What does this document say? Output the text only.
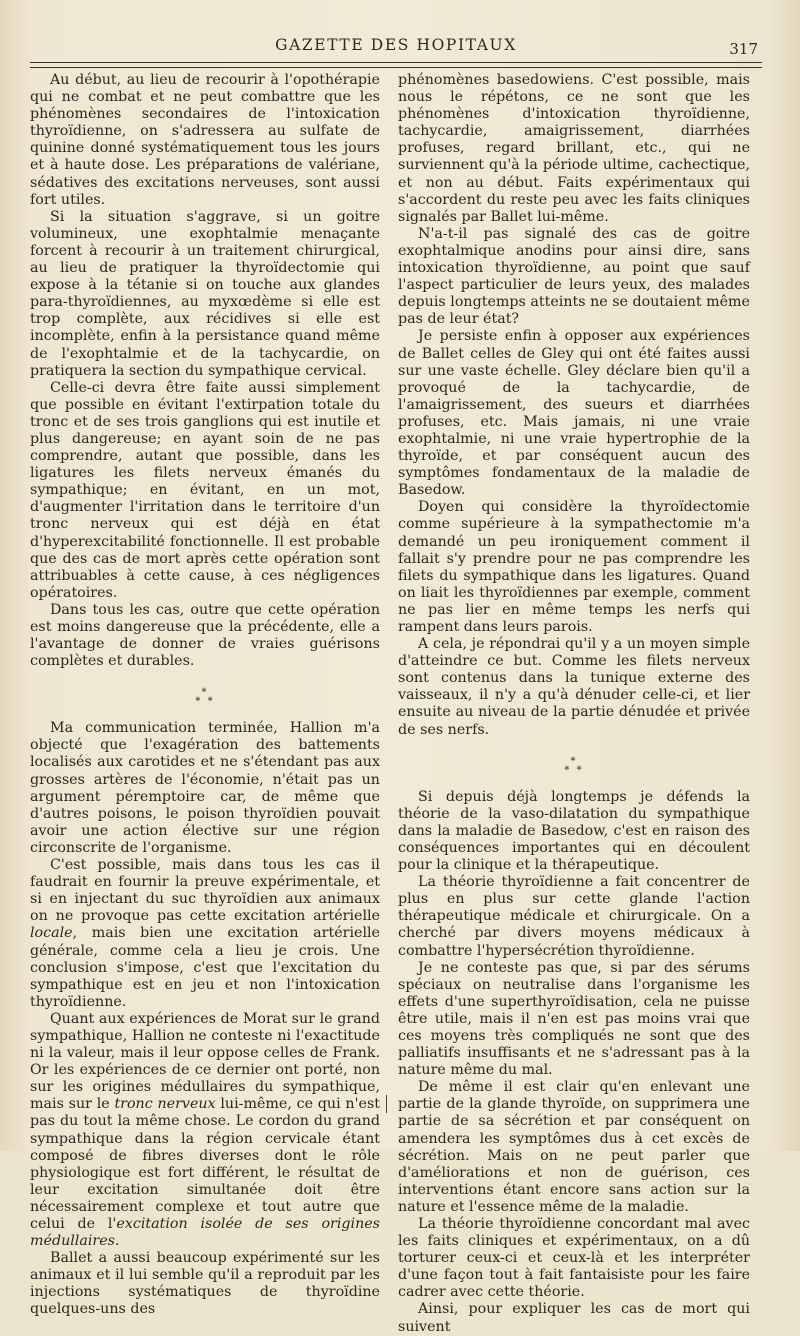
GAZETTE DES HOPITAUX	317

Au début, au lieu de recourir à l'opothérapie qui ne combat et ne peut combattre que les phénomènes secondaires de l'intoxication thyroïdienne, on s'adressera au sulfate de quinine donné systématiquement tous les jours et à haute dose. Les préparations de valériane, sédatives des excitations nerveuses, sont aussi fort utiles.

Si la situation s'aggrave, si un goitre volumineux, une exophtalmie menaçante forcent à recourir à un traitement chirurgical, au lieu de pratiquer la thyroïdectomie qui expose à la tétanie si on touche aux glandes para-thyroïdiennes, au myxœdème si elle est trop complète, aux récidives si elle est incomplète, enfin à la persistance quand même de l'exophtalmie et de la tachycardie, on pratiquera la section du sympathique cervical.

Celle-ci devra être faite aussi simplement que possible en évitant l'extirpation totale du tronc et de ses trois ganglions qui est inutile et plus dangereuse; en ayant soin de ne pas comprendre, autant que possible, dans les ligatures les filets nerveux émanés du sympathique; en évitant, en un mot, d'augmenter l'irritation dans le territoire d'un tronc nerveux qui est déjà en état d'hyperexcitabilité fonctionnelle. Il est probable que des cas de mort après cette opération sont attribuables à cette cause, à ces négligences opératoires.

Dans tous les cas, outre que cette opération est moins dangereuse que la précédente, elle a l'avantage de donner de vraies guérisons complètes et durables.

*
* *

Ma communication terminée, Hallion m'a objecté que l'exagération des battements localisés aux carotides et ne s'étendant pas aux grosses artères de l'économie, n'était pas un argument péremptoire car, de même que d'autres poisons, le poison thyroïdien pouvait avoir une action élective sur une région circonscrite de l'organisme.

C'est possible, mais dans tous les cas il faudrait en fournir la preuve expérimentale, et si en injectant du suc thyroïdien aux animaux on ne provoque pas cette excitation artérielle locale, mais bien une excitation artérielle générale, comme cela a lieu je crois. Une conclusion s'impose, c'est que l'excitation du sympathique est en jeu et non l'intoxication thyroïdienne.

Quant aux expériences de Morat sur le grand sympathique, Hallion ne conteste ni l'exactitude ni la valeur, mais il leur oppose celles de Frank. Or les expériences de ce dernier ont porté, non sur les origines médullaires du sympathique, mais sur le tronc nerveux lui-même, ce qui n'est pas du tout la même chose. Le cordon du grand sympathique dans la région cervicale étant composé de fibres diverses dont le rôle physiologique est fort différent, le résultat de leur excitation simultanée doit être nécessairement complexe et tout autre que celui de l'excitation isolée de ses origines médullaires.

Ballet a aussi beaucoup expérimenté sur les animaux et il lui semble qu'il a reproduit par les injections systématiques de thyroïdine quelques-uns des

phénomènes basedowiens. C'est possible, mais nous le répétons, ce ne sont que les phénomènes d'intoxication thyroïdienne, tachycardie, amaigrissement, diarrhées profuses, regard brillant, etc., qui ne surviennent qu'à la période ultime, cachectique, et non au début. Faits expérimentaux qui s'accordent du reste peu avec les faits cliniques signalés par Ballet lui-même.

N'a-t-il pas signalé des cas de goitre exophtalmique anodins pour ainsi dire, sans intoxication thyroïdienne, au point que sauf l'aspect particulier de leurs yeux, des malades depuis longtemps atteints ne se doutaient même pas de leur état?

Je persiste enfin à opposer aux expériences de Ballet celles de Gley qui ont été faites aussi sur une vaste échelle. Gley déclare bien qu'il a provoqué de la tachycardie, de l'amaigrissement, des sueurs et diarrhées profuses, etc. Mais jamais, ni une vraie exophtalmie, ni une vraie hypertrophie de la thyroïde, et par conséquent aucun des symptômes fondamentaux de la maladie de Basedow.

Doyen qui considère la thyroïdectomie comme supérieure à la sympathectomie m'a demandé un peu ironiquement comment il fallait s'y prendre pour ne pas comprendre les filets du sympathique dans les ligatures. Quand on liait les thyroïdiennes par exemple, comment ne pas lier en même temps les nerfs qui rampent dans leurs parois.

A cela, je répondrai qu'il y a un moyen simple d'atteindre ce but. Comme les filets nerveux sont contenus dans la tunique externe des vaisseaux, il n'y a qu'à dénuder celle-ci, et lier ensuite au niveau de la partie dénudée et privée de ses nerfs.

*
* *

Si depuis déjà longtemps je défends la théorie de la vaso-dilatation du sympathique dans la maladie de Basedow, c'est en raison des conséquences importantes qui en découlent pour la clinique et la thérapeutique.

La théorie thyroïdienne a fait concentrer de plus en plus sur cette glande l'action thérapeutique médicale et chirurgicale. On a cherché par divers moyens médicaux à combattre l'hypersécrétion thyroïdienne.

Je ne conteste pas que, si par des sérums spéciaux on neutralise dans l'organisme les effets d'une superthyroïdisation, cela ne puisse être utile, mais il n'en est pas moins vrai que ces moyens très compliqués ne sont que des palliatifs insuffisants et ne s'adressant pas à la nature même du mal.

De même il est clair qu'en enlevant une partie de la glande thyroïde, on supprimera une partie de sa sécrétion et par conséquent on amendera les symptômes dus à cet excès de sécrétion. Mais on ne peut parler que d'améliorations et non de guérison, ces interventions étant encore sans action sur la nature et l'essence même de la maladie.

La théorie thyroïdienne concordant mal avec les faits cliniques et expérimentaux, on a dû torturer ceux-ci et ceux-là et les interpréter d'une façon tout à fait fantaisiste pour les faire cadrer avec cette théorie.

Ainsi, pour expliquer les cas de mort qui suivent
